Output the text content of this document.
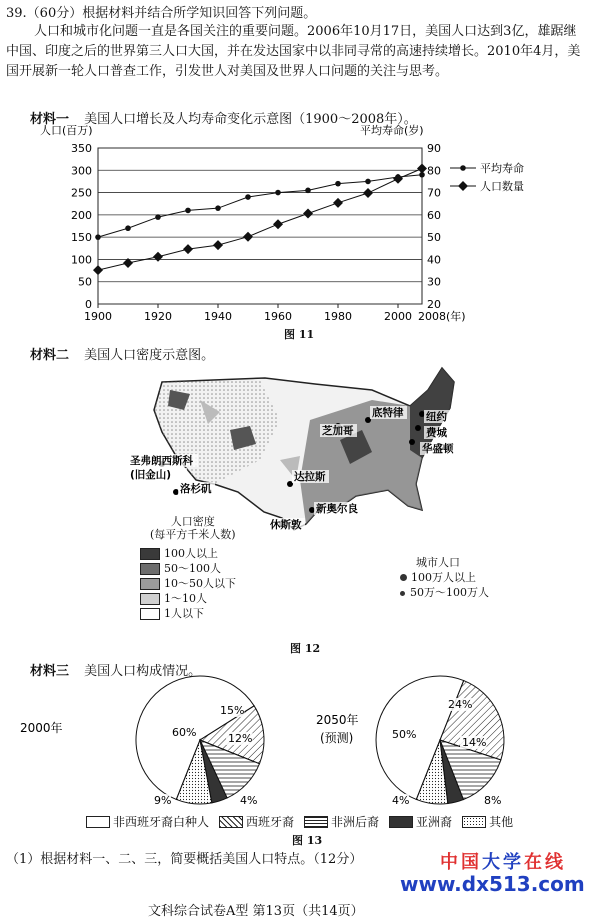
39.（60分）根据材料并结合所学知识回答下列问题。
人口和城市化问题一直是各国关注的重要问题。2006年10月17日，美国人口达到3亿，雄踞继中国、印度之后的世界第三人口大国，并在发达国家中以非同寻常的高速持续增长。2010年4月，美国开展新一轮人口普查工作，引发世人对美国及世界人口问题的关注与思考。
材料一 美国人口增长及人均寿命变化示意图（1900～2008年）。
人口(百万)	平均寿命(岁)
0
50
100
150
200
250
300
350
20
30
40
50
60
70
80
90
1900	1920	1940	1960	1980	2000 2008(年)
平均寿命
人口数量
图 11
材料二 美国人口密度示意图。
底特律
芝加哥
纽约
费城
华盛顿
圣弗朗西斯科
(旧金山)
洛杉矶
达拉斯
新奥尔良
休斯敦
人口密度
(每平方千米人数)
100人以上
50～100人
10～50人以下
1～10人
1人以下
城市人口
100万人以上
50万～100万人
图 12
材料三 美国人口构成情况。
60%
15%
12%
9%	4%
50%
24%
14%
4%	8%
2000年
2050年
(预测)
非西班牙裔白种人	西班牙裔	非洲后裔	亚洲裔	其他
图 13
（1）根据材料一、二、三，简要概括美国人口特点。（12分）	中国大学在线
www.dx513.com
文科综合试卷A型 第13页（共14页）
